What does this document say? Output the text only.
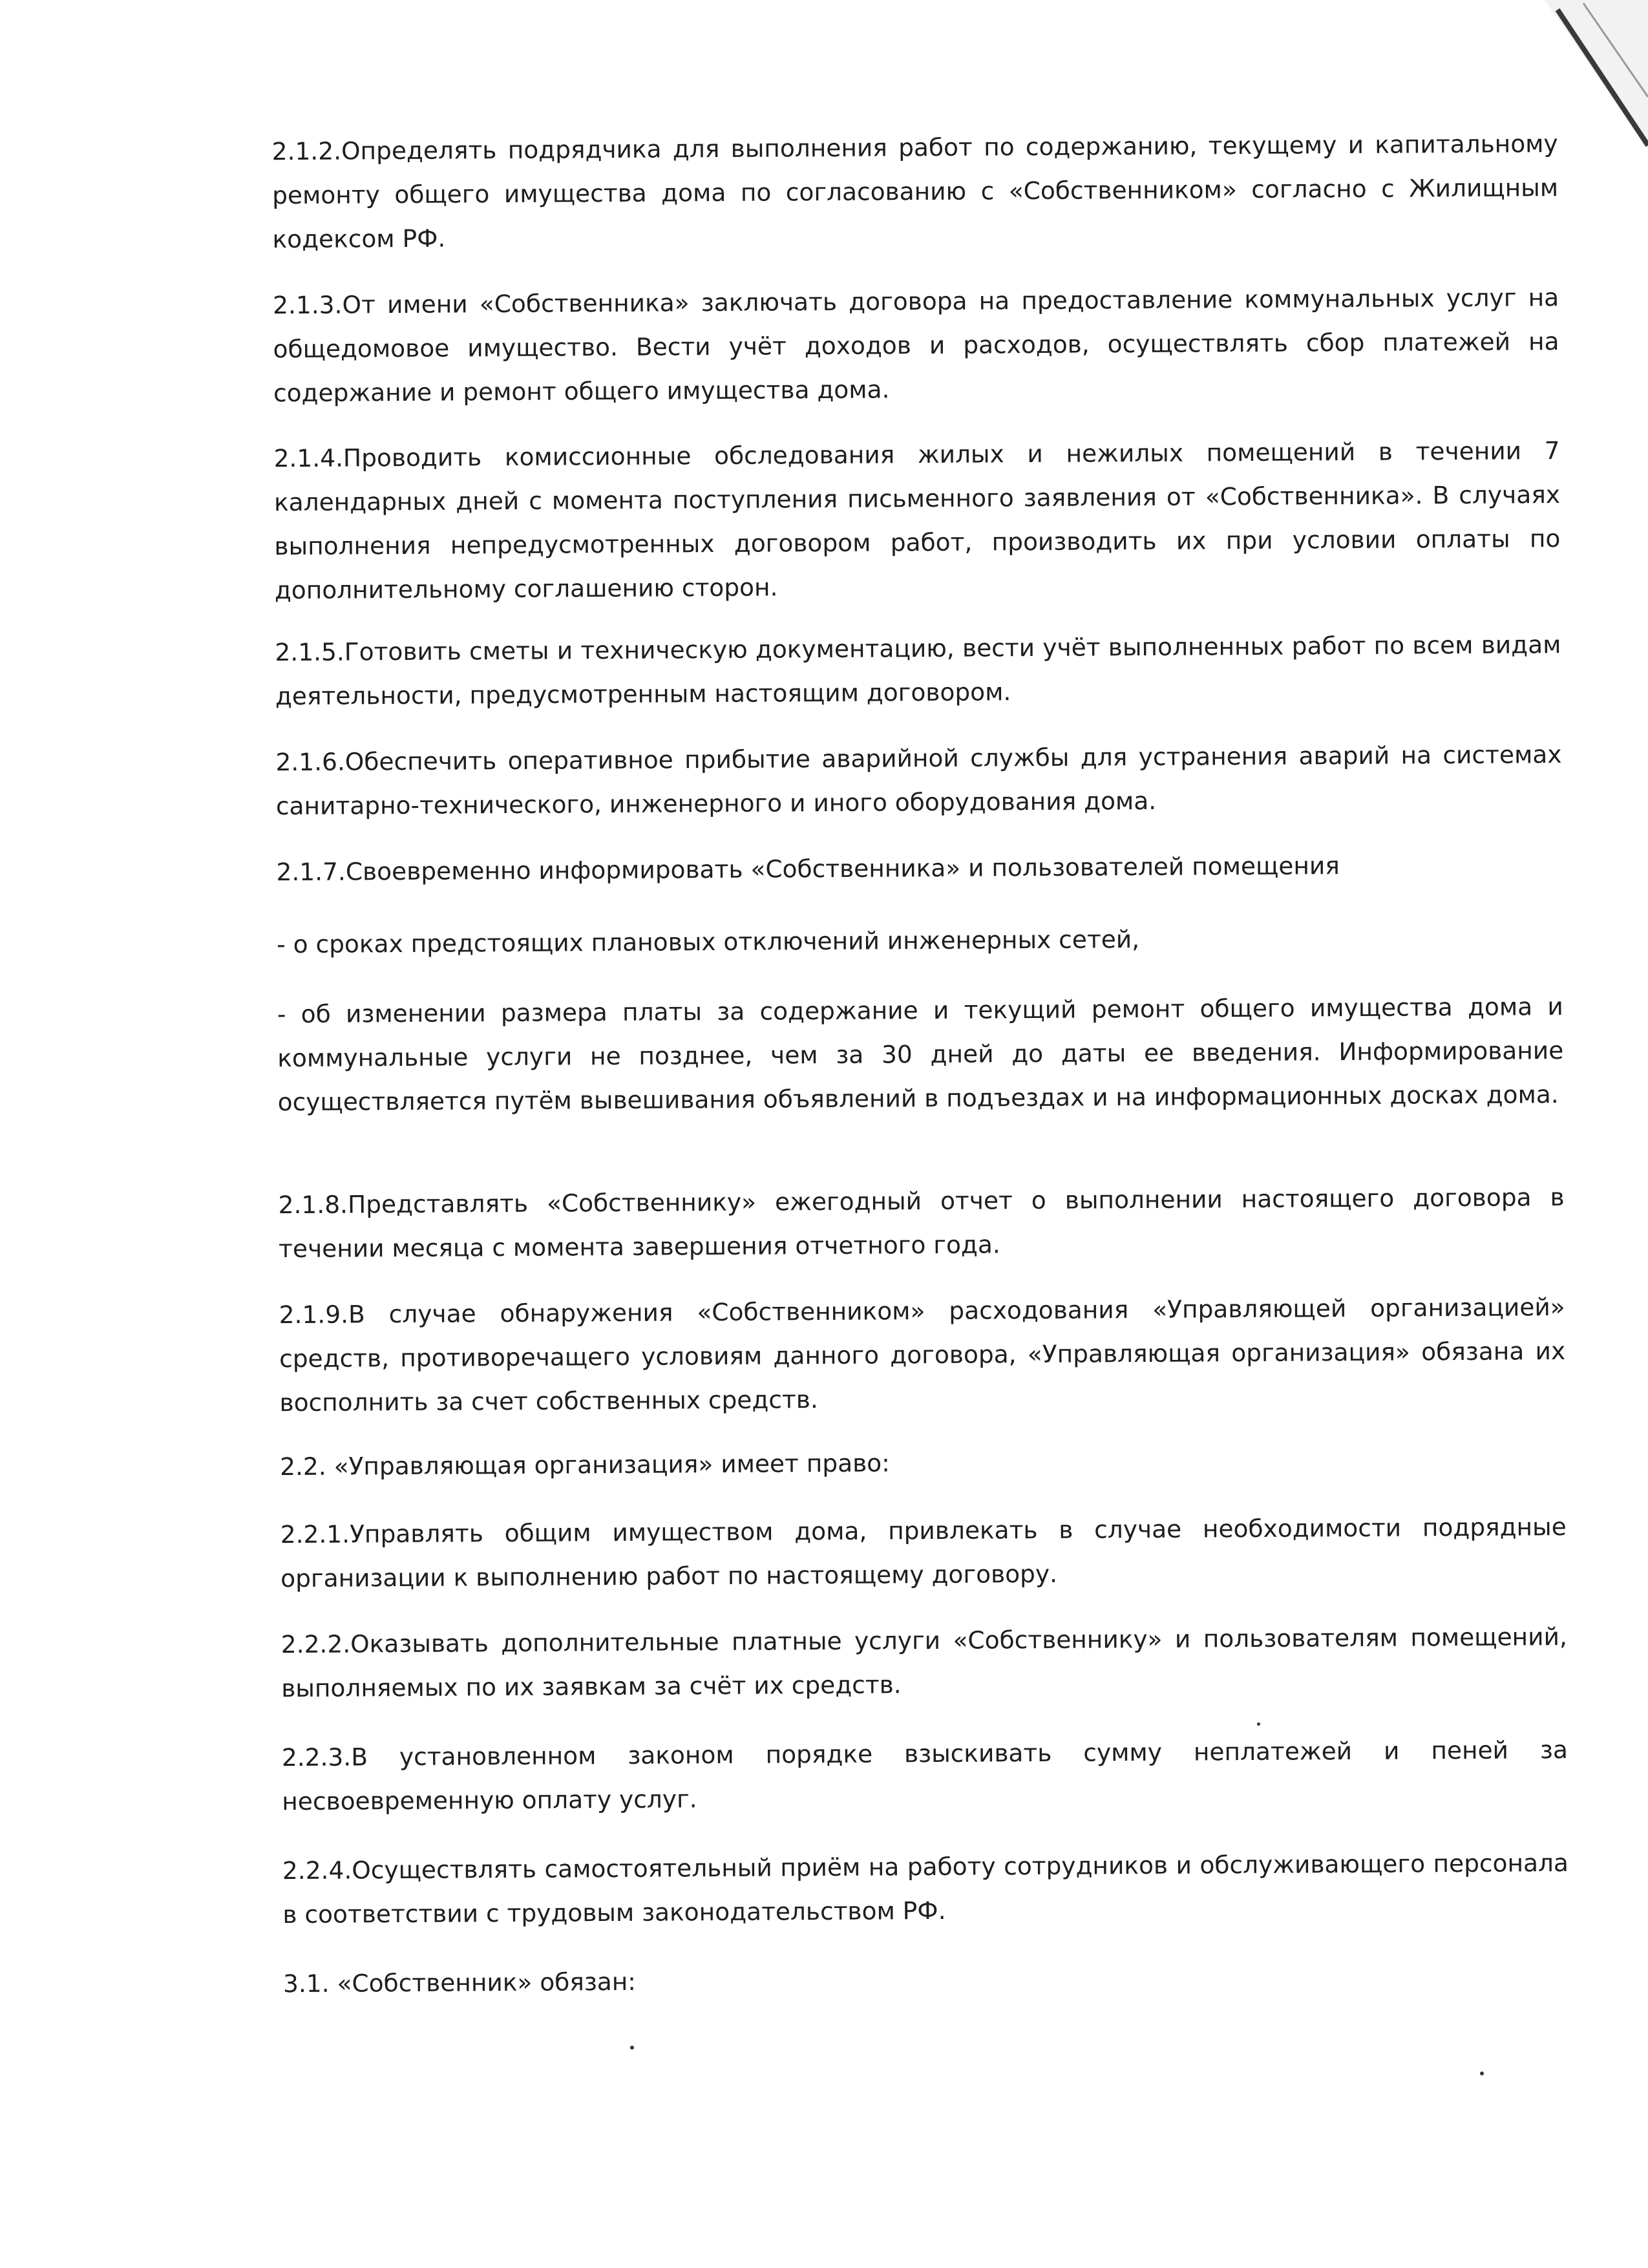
2.1.2.Определять подрядчика для выполнения работ по содержанию, текущему и капитальному ремонту общего имущества дома по согласованию с «Собственником» согласно с Жилищным кодексом РФ.

2.1.3.От имени «Собственника» заключать договора на предоставление коммунальных услуг на общедомовое имущество. Вести учёт доходов и расходов, осуществлять сбор платежей на содержание и ремонт общего имущества дома.

2.1.4.Проводить комиссионные обследования жилых и нежилых помещений в течении 7 календарных дней с момента поступления письменного заявления от «Собственника». В случаях выполнения непредусмотренных договором работ, производить их при условии оплаты по дополнительному соглашению сторон.

2.1.5.Готовить сметы и техническую документацию, вести учёт выполненных работ по всем видам деятельности, предусмотренным настоящим договором.

2.1.6.Обеспечить оперативное прибытие аварийной службы для устранения аварий на системах санитарно-технического, инженерного и иного оборудования дома.

2.1.7.Своевременно информировать «Собственника» и пользователей помещения

- о сроках предстоящих плановых отключений инженерных сетей,

- об изменении размера платы за содержание и текущий ремонт общего имущества дома и коммунальные услуги не позднее, чем за 30 дней до даты ее введения. Информирование осуществляется путём вывешивания объявлений в подъездах и на информационных досках дома.

2.1.8.Представлять «Собственнику» ежегодный отчет о выполнении настоящего договора в течении месяца с момента завершения отчетного года.

2.1.9.В случае обнаружения «Собственником» расходования «Управляющей организацией» средств, противоречащего условиям данного договора, «Управляющая организация» обязана их восполнить за счет собственных средств.

2.2. «Управляющая организация» имеет право:

2.2.1.Управлять общим имуществом дома, привлекать в случае необходимости подрядные организации к выполнению работ по настоящему договору.

2.2.2.Оказывать дополнительные платные услуги «Собственнику» и пользователям помещений, выполняемых по их заявкам за счёт их средств.

2.2.3.В установленном законом порядке взыскивать сумму неплатежей и пеней за несвоевременную оплату услуг.

2.2.4.Осуществлять самостоятельный приём на работу сотрудников и обслуживающего персонала в соответствии с трудовым законодательством РФ.

3.1. «Собственник» обязан:
